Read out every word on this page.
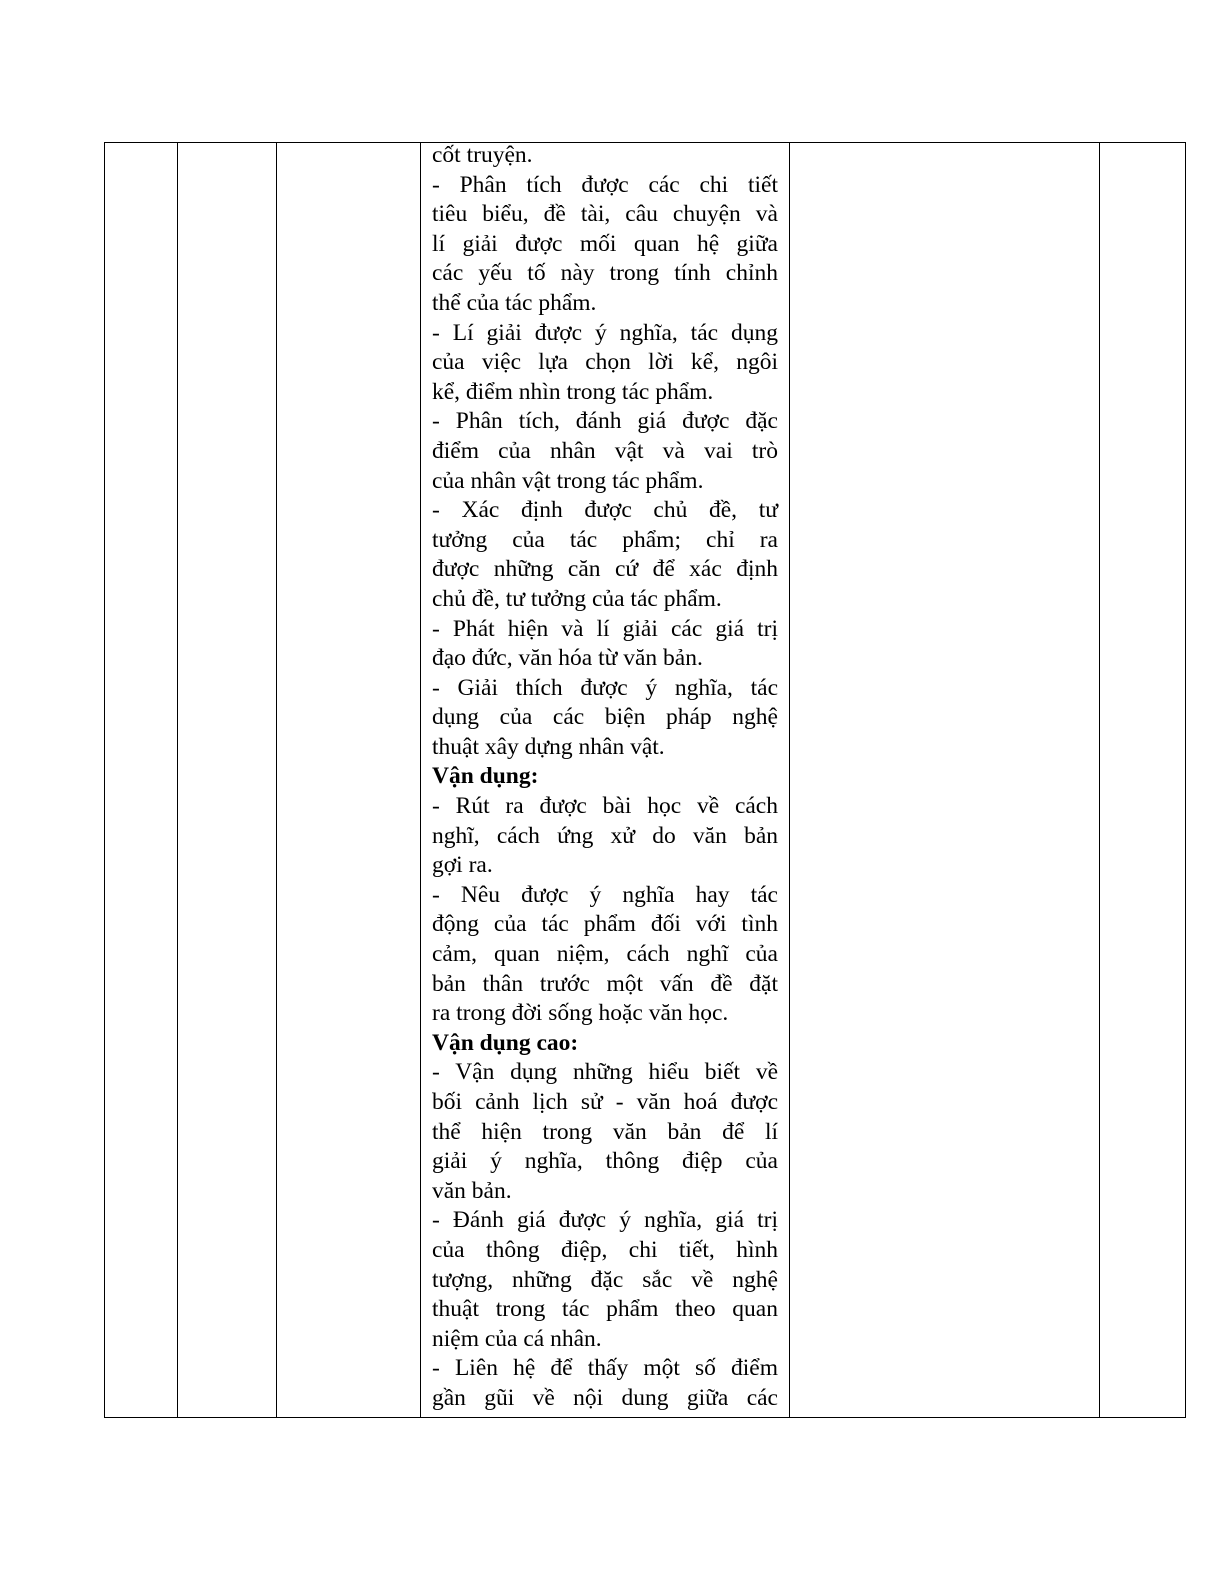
cốt truyện.
- Phân tích được các chi tiết
tiêu biểu, đề tài, câu chuyện và
lí giải được mối quan hệ giữa
các yếu tố này trong tính chỉnh
thể của tác phẩm.
- Lí giải được ý nghĩa, tác dụng
của việc lựa chọn lời kể, ngôi
kể, điểm nhìn trong tác phẩm.
- Phân tích, đánh giá được đặc
điểm của nhân vật và vai trò
của nhân vật trong tác phẩm.
- Xác định được chủ đề, tư
tưởng của tác phẩm; chỉ ra
được những căn cứ để xác định
chủ đề, tư tưởng của tác phẩm.
- Phát hiện và lí giải các giá trị
đạo đức, văn hóa từ văn bản.
- Giải thích được ý nghĩa, tác
dụng của các biện pháp nghệ
thuật xây dựng nhân vật.
Vận dụng:
- Rút ra được bài học về cách
nghĩ, cách ứng xử do văn bản
gợi ra.
- Nêu được ý nghĩa hay tác
động của tác phẩm đối với tình
cảm, quan niệm, cách nghĩ của
bản thân trước một vấn đề đặt
ra trong đời sống hoặc văn học.
Vận dụng cao:
- Vận dụng những hiểu biết về
bối cảnh lịch sử - văn hoá được
thể hiện trong văn bản để lí
giải ý nghĩa, thông điệp của
văn bản.
- Đánh giá được ý nghĩa, giá trị
của thông điệp, chi tiết, hình
tượng, những đặc sắc về nghệ
thuật trong tác phẩm theo quan
niệm của cá nhân.
- Liên hệ để thấy một số điểm
gần gũi về nội dung giữa các
